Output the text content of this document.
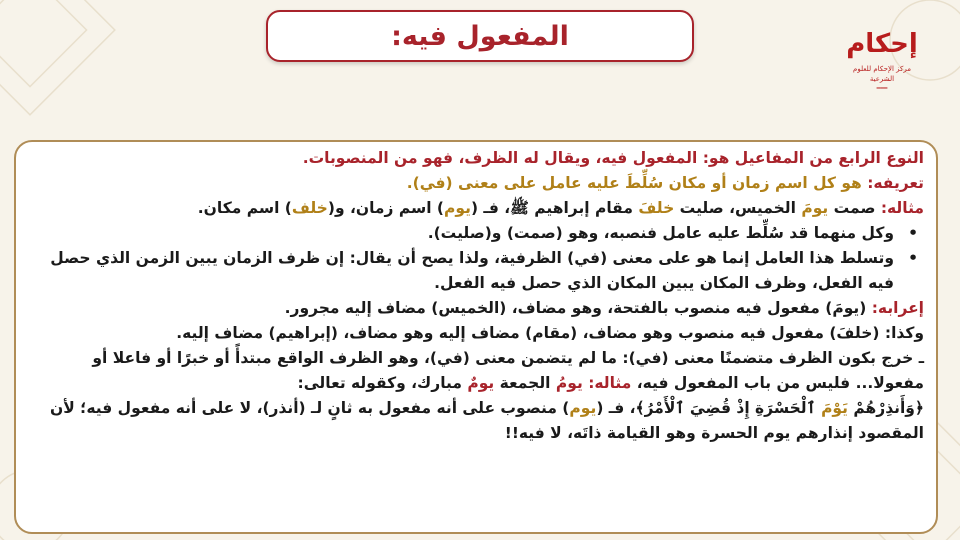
المفعول فيه:	إحكام
مركز الإحكام للعلوم الشرعية
━━━
النوع الرابع من المفاعيل هو: المفعول فيه، ويقال له الظرف، فهو من المنصوبات.
تعريفه: هو كل اسم زمان أو مكان سُلِّطَ عليه عامل على معنى (في).
مثاله: صمت يومَ الخميس، صليت خلفَ مقام إبراهيم ﷺ، فـ (يوم) اسم زمان، و(خلف) اسم مكان.
•
وكل منهما قد سُلِّط عليه عامل فنصبه، وهو (صمت) و(صليت).
•
وتسلط هذا العامل إنما هو على معنى (في) الظرفية، ولذا يصح أن يقال: إن ظرف الزمان يبين الزمن الذي حصل فيه الفعل، وظرف المكان يبين المكان الذي حصل فيه الفعل.
إعرابه: (يومَ) مفعول فيه منصوب بالفتحة، وهو مضاف، (الخميس) مضاف إليه مجرور.
وكذا: (خلفَ) مفعول فيه منصوب وهو مضاف، (مقام) مضاف إليه وهو مضاف، (إبراهيم) مضاف إليه.
ـ خرج بكون الظرف متضمنًا معنى (في): ما لم يتضمن معنى (في)، وهو الظرف الواقع مبتدأً أو خبرًا أو فاعلا أو مفعولا... فليس من باب المفعول فيه، مثاله: يومُ الجمعة يومٌ مبارك، وكقوله تعالى:
﴿وَأَنذِرْهُمْ يَوْمَ ٱلْحَسْرَةِ إِذْ قُضِيَ ٱلْأَمْرُ﴾، فـ (يوم) منصوب على أنه مفعول به ثانٍ لـ (أنذر)، لا على أنه مفعول فيه؛ لأن المقصود إنذارهم يوم الحسرة وهو القيامة ذاتَه، لا فيه!!
